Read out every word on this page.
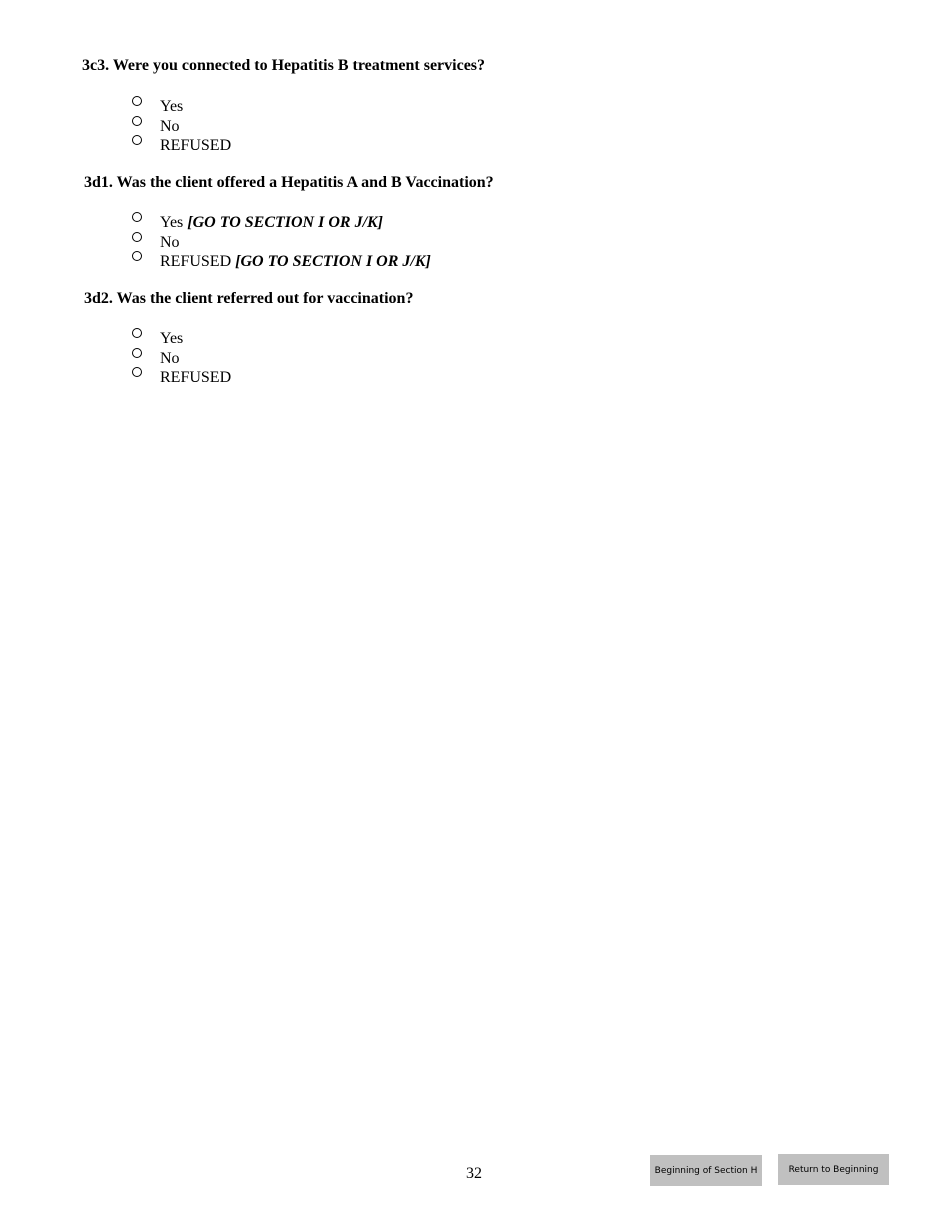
3c3. Were you connected to Hepatitis B treatment services?
Yes
No
REFUSED
3d1. Was the client offered a Hepatitis A and B Vaccination?
Yes [GO TO SECTION I OR J/K]
No
REFUSED [GO TO SECTION I OR J/K]
3d2. Was the client referred out for vaccination?
Yes
No
REFUSED
32	Beginning of Section H	Return to Beginning
